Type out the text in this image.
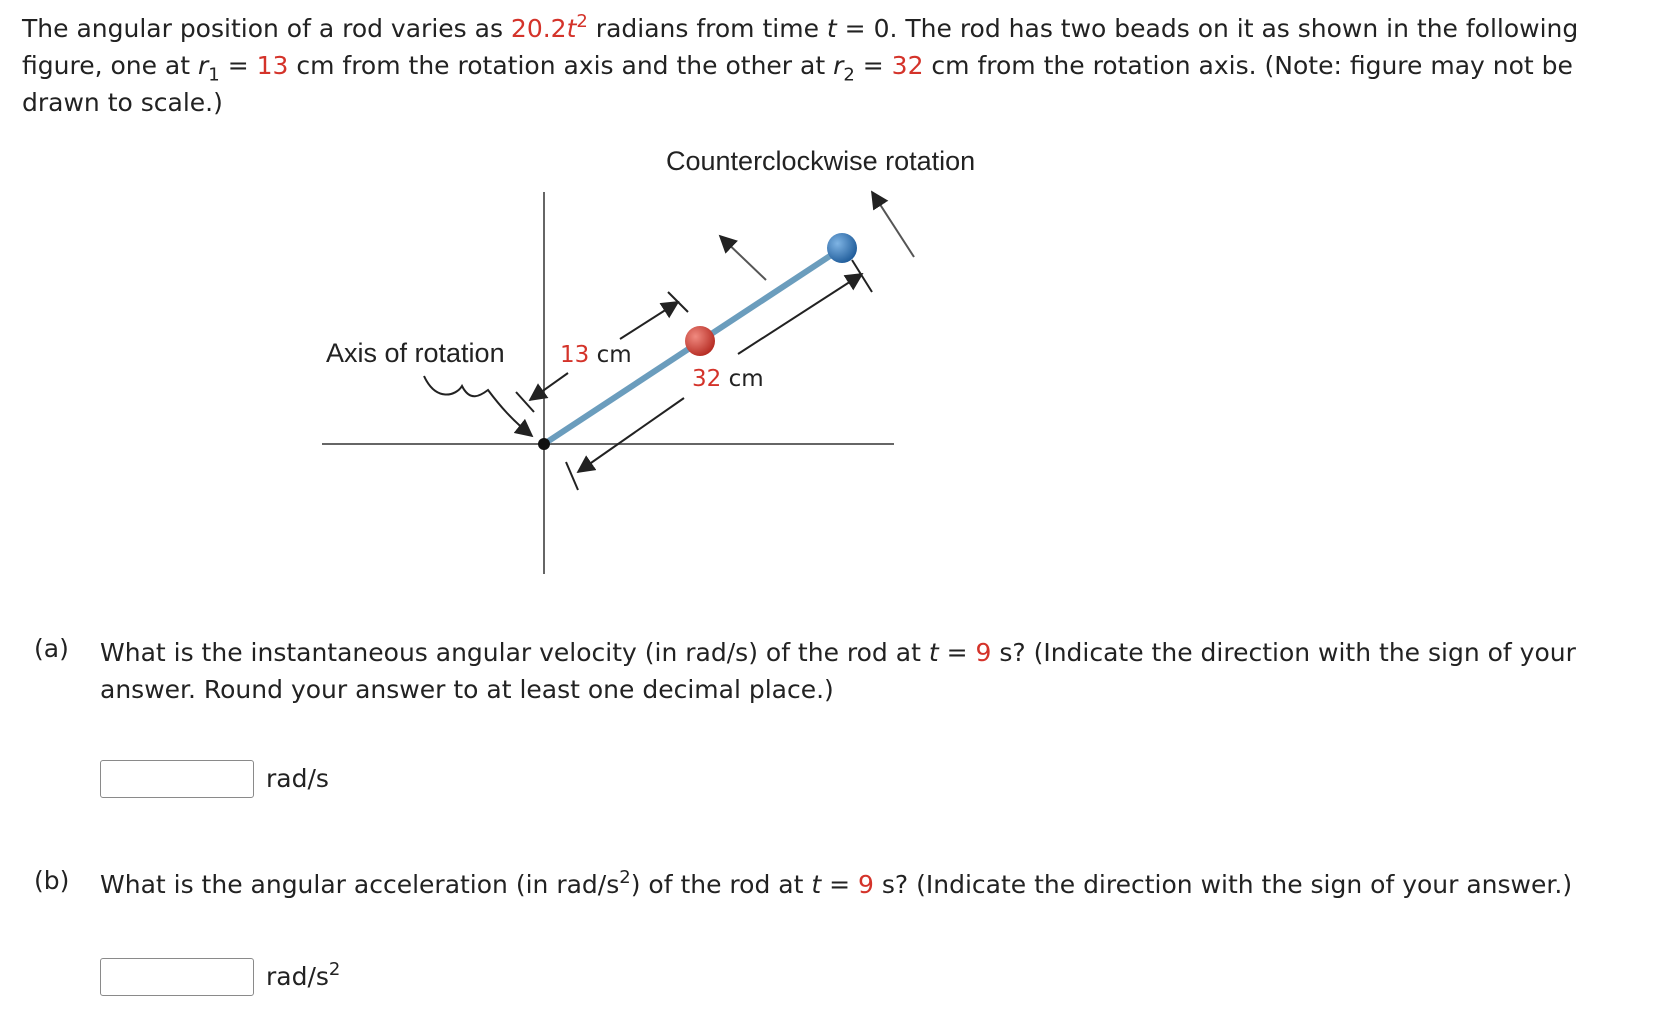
The angular position of a rod varies as $20.2t^2$ radians from time t = 0. The rod has two beads on it as shown in the following figure, one at $r_1 = 13$ cm from the rotation axis and the other at $r_2 = 32$ cm from the rotation axis. (Note: figure may not be drawn to scale.)

Counterclockwise rotation
Axis of rotation 13 cm
32 cm
(a) What is the instantaneous angular velocity (in rad/s) of the rod at t = 9 s? (Indicate the direction with the sign of your answer. Round your answer to at least one decimal place.)

rad/s
(b) What is the angular acceleration (in rad/$s^2$) of the rod at t = 9 s? (Indicate the direction with the sign of your answer.)

rad/$s^2$
